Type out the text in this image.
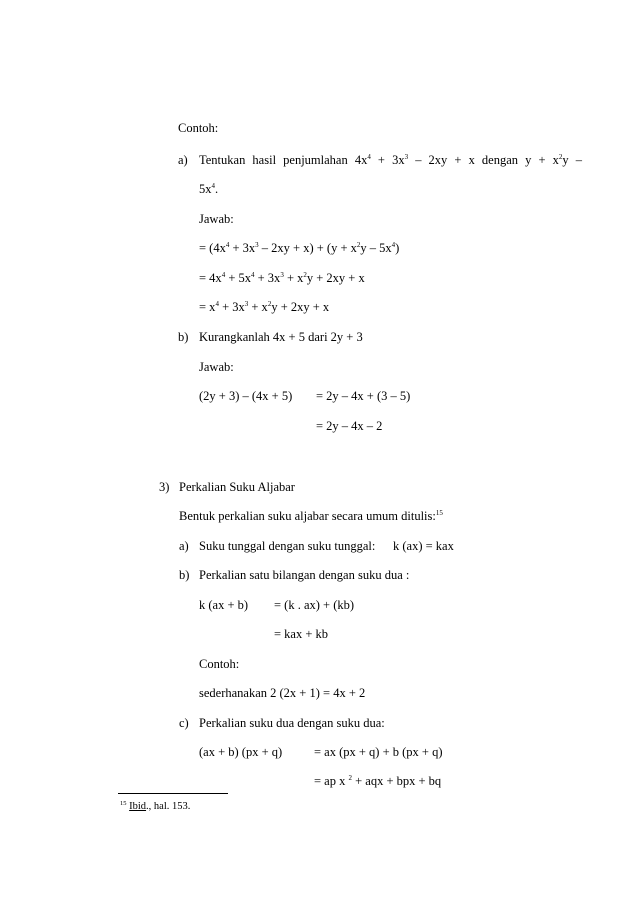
Contoh:
a) Tentukan hasil penjumlahan $4x^4 + 3x^3 - 2xy + x$ dengan $y + x^2y$ –
$5x^4$.
Jawab:
= $(4x^4 + 3x^3 - 2xy + x) + (y + x^2y - 5x^4)$
= $4x^4 + 5x^4 + 3x^3 + x^2y + 2xy + x$
= $x^4 + 3x^3 + x^2y + 2xy + x$
b) Kurangkanlah 4x + 5 dari 2y + 3
Jawab:
(2y + 3) – (4x + 5) = 2y – 4x + (3 – 5)
= 2y – 4x – 2
3) Perkalian Suku Aljabar
Bentuk perkalian suku aljabar secara umum ditulis:$^{15}$
a) Suku tunggal dengan suku tunggal: k (ax) = kax
b) Perkalian satu bilangan dengan suku dua :
k (ax + b) = (k . ax) + (kb)
= kax + kb
Contoh:
sederhanakan 2 (2x + 1) = 4x + 2
c) Perkalian suku dua dengan suku dua:
(ax + b) (px + q)	= ax (px + q) + b (px + q)
= ap x $^2$ + aqx + bpx + bq
$^{15}$ Ibid., hal. 153.
